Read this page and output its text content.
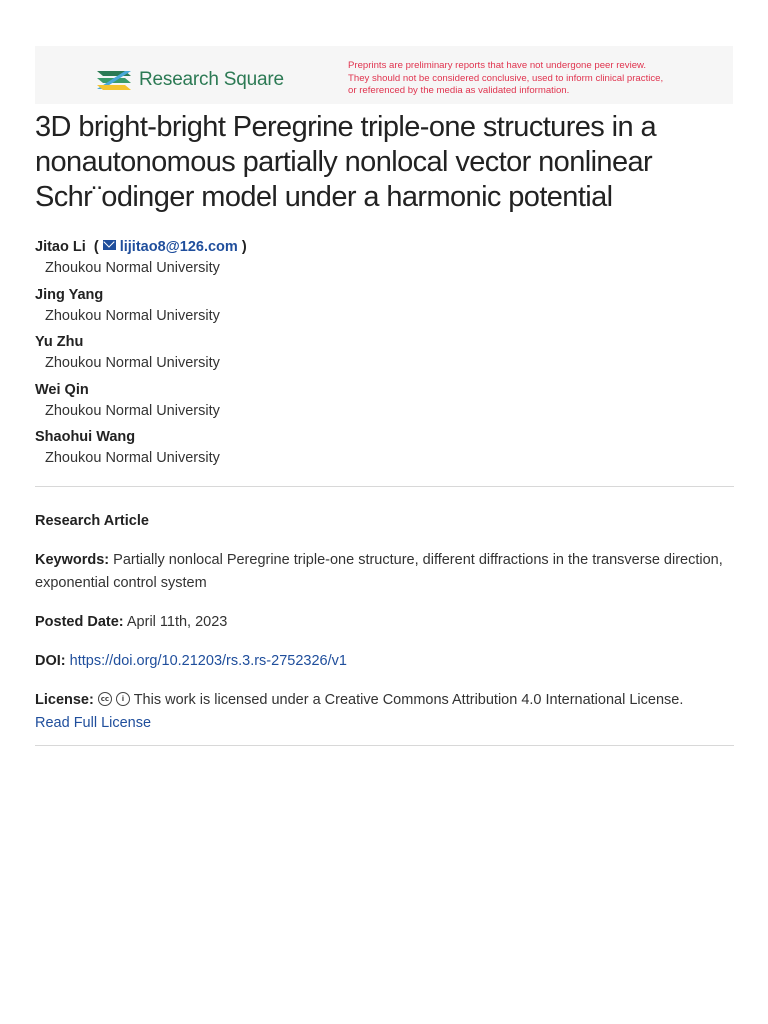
Research Square
Preprints are preliminary reports that have not undergone peer review.
They should not be considered conclusive, used to inform clinical practice,
or referenced by the media as validated information.
3D bright-bright Peregrine triple-one structures in a
nonautonomous partially nonlocal vector nonlinear
Schr¨odinger model under a harmonic potential
Jitao Li ( lijitao8@126.com )
Zhoukou Normal University
Jing Yang
Zhoukou Normal University
Yu Zhu
Zhoukou Normal University
Wei Qin
Zhoukou Normal University
Shaohui Wang
Zhoukou Normal University
Research Article
Keywords: Partially nonlocal Peregrine triple-one structure, different diffractions in the transverse direction, exponential control system
Posted Date: April 11th, 2023
DOI: https://doi.org/10.21203/rs.3.rs-2752326/v1
License: cc i This work is licensed under a Creative Commons Attribution 4.0 International License.
Read Full License
